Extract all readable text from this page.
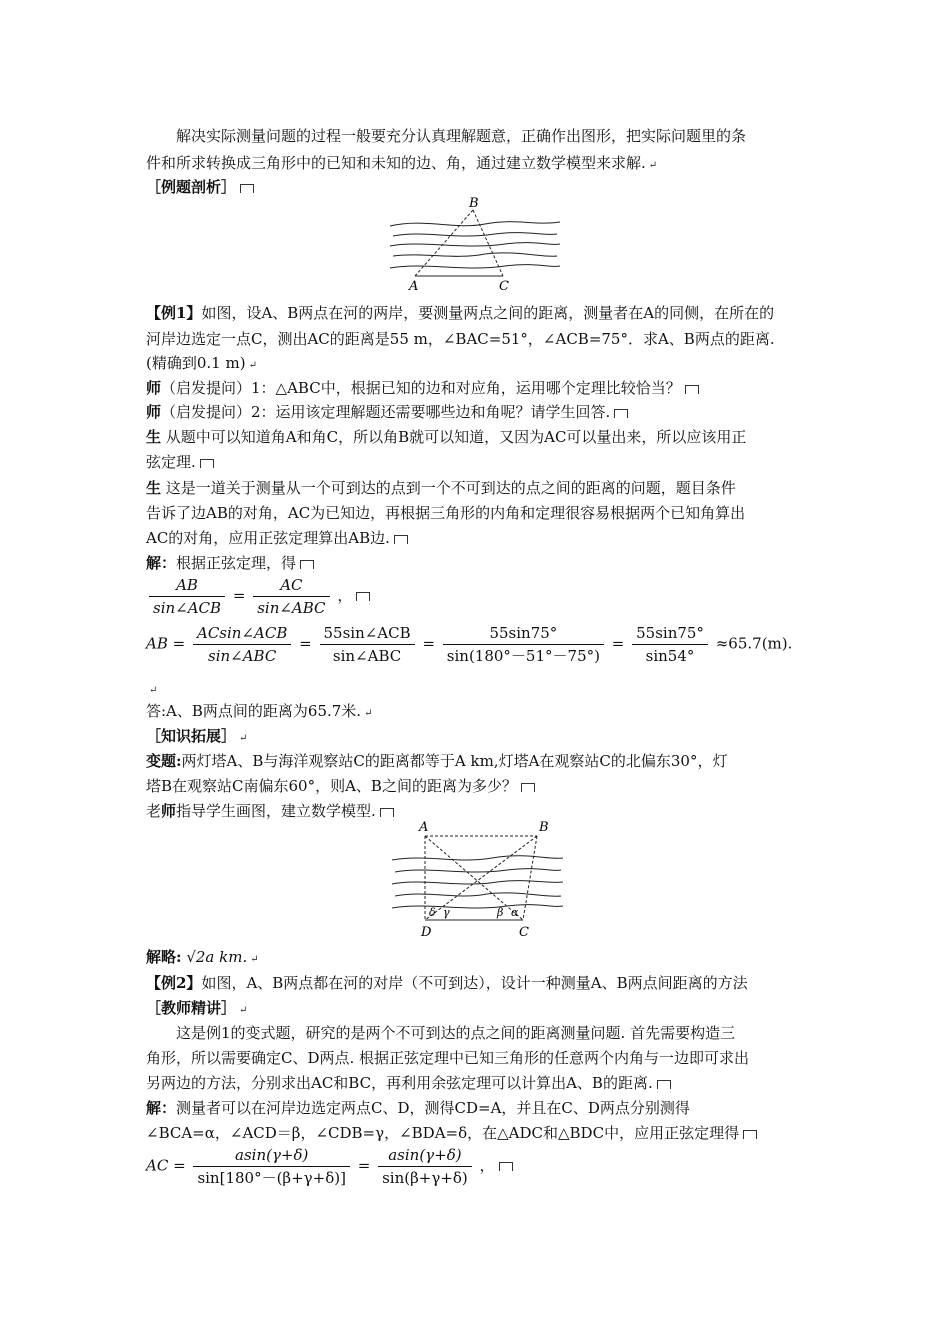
解决实际测量问题的过程一般要充分认真理解题意，正确作出图形，把实际问题里的条
件和所求转换成三角形中的已知和未知的边、角，通过建立数学模型来求解. ↵
［例题剖析］
B
A	C
【例1】如图，设A、B两点在河的两岸，要测量两点之间的距离，测量者在A的同侧，在所在的
河岸边选定一点C，测出AC的距离是55 m，∠BAC=51°，∠ACB=75°．求A、B两点的距离.
(精确到0.1 m) ↵
师（启发提问）1：△ABC中，根据已知的边和对应角，运用哪个定理比较恰当？
师（启发提问）2：运用该定理解题还需要哪些边和角呢？请学生回答.
生 从题中可以知道角A和角C，所以角B就可以知道，又因为AC可以量出来，所以应该用正
弦定理.
生 这是一道关于测量从一个可到达的点到一个不可到达的点之间的距离的问题，题目条件
告诉了边AB的对角，AC为已知边，再根据三角形的内角和定理很容易根据两个已知角算出
AC的对角，应用正弦定理算出AB边.
解：根据正弦定理，得
$\frac{AB}{\text{sin∠ACB}} = \frac{AC}{\text{sin∠ABC}}$ ，
AB = $\frac{\text{ACsin∠ACB}}{\text{sin∠ABC}} = \frac{\text{55sin∠ACB}}{\text{sin∠ABC}} = \frac{55\sin 75^\circ}{\sin(180^\circ-51^\circ-75^\circ)} = \frac{55\sin 75^\circ}{\sin 54^\circ} \approx 65.7(m)$.
↵
答:A、B两点间的距离为65.7米. ↵
［知识拓展］ ↵
变题:两灯塔A、B与海洋观察站C的距离都等于A km,灯塔A在观察站C的北偏东30°，灯
塔B在观察站C南偏东60°，则A、B之间的距离为多少？
老师指导学生画图，建立数学模型.
A	B
D	C
δ γ	β α
解略: √2a km. ↵
【例2】如图，A、B两点都在河的对岸（不可到达），设计一种测量A、B两点间距离的方法
［教师精讲］ ↵
这是例1的变式题，研究的是两个不可到达的点之间的距离测量问题. 首先需要构造三
角形，所以需要确定C、D两点. 根据正弦定理中已知三角形的任意两个内角与一边即可求出
另两边的方法，分别求出AC和BC，再利用余弦定理可以计算出A、B的距离.
解：测量者可以在河岸边选定两点C、D，测得CD=A，并且在C、D两点分别测得
∠BCA=α，∠ACD＝β，∠CDB=γ，∠BDA=δ，在△ADC和△BDC中，应用正弦定理得
AC = $\frac{asin(\gamma+\delta)}{\sin[180^\circ-(\beta+\gamma+\delta)]} = \frac{asin(\gamma+\delta)}{\sin(\beta+\gamma+\delta)}$ ，
